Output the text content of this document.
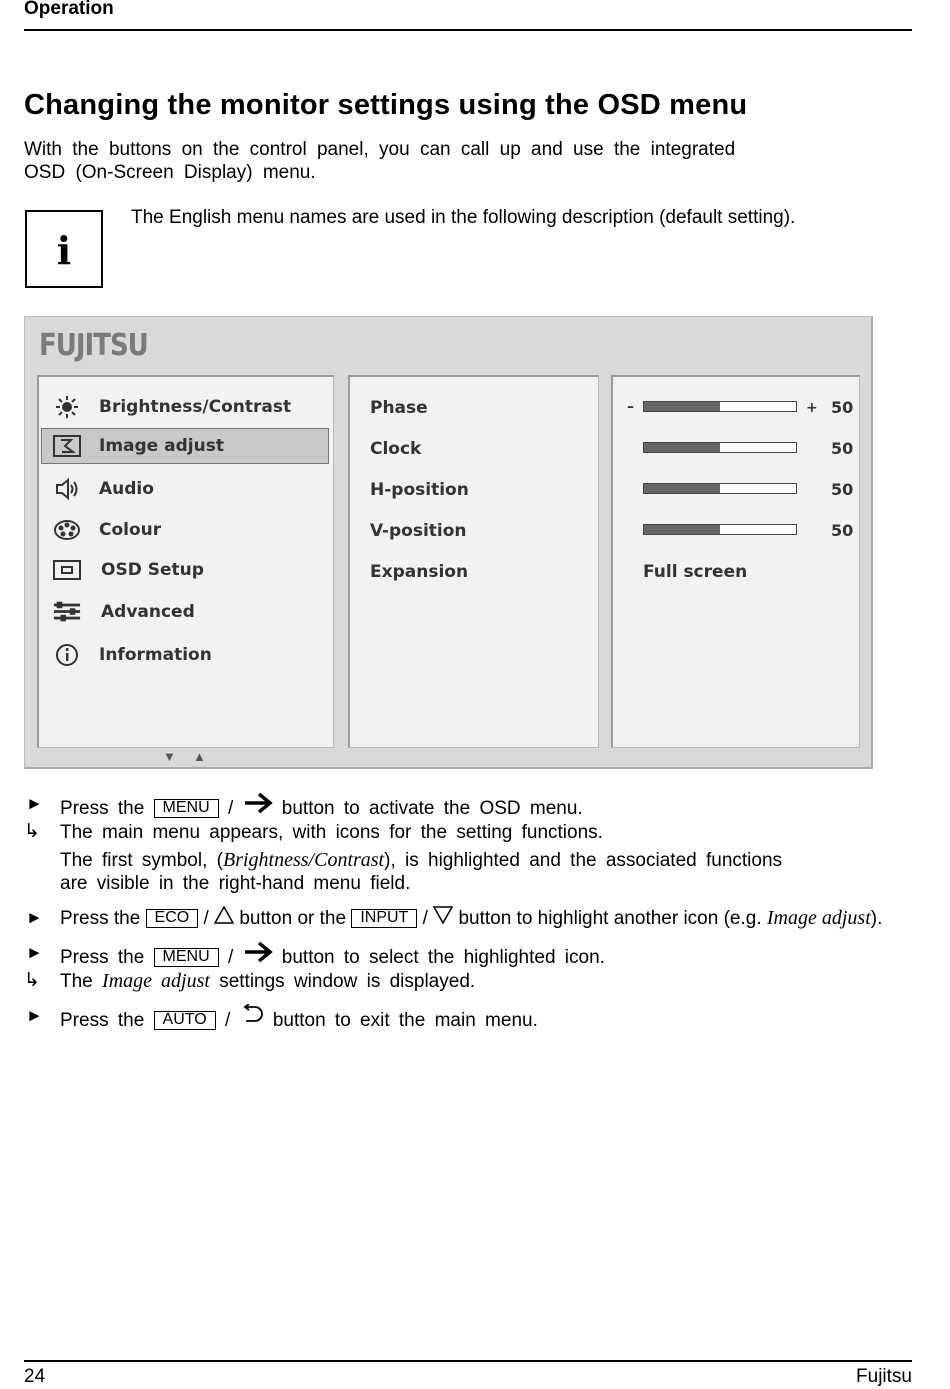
Operation
Changing the monitor settings using the OSD menu
With the buttons on the control panel, you can call up and use the integrated
OSD (On-Screen Display) menu.
i
The English menu names are used in the following description (default setting).
FUJITSU
Brightness/Contrast
Image adjust
Audio
Colour
OSD Setup
Advanced
Information
Phase
Clock
H-position
V-position
Expansion
–	+ 50
50
50
50
Full screen
▼ ▲
► Press the MENU /	button to activate the OSD menu.
↳ The main menu appears, with icons for the setting functions.
The first symbol, (Brightness/Contrast), is highlighted and the associated functions
are visible in the right-hand menu field.
► Press the ECO / button or the INPUT / button to highlight another icon (e.g. Image adjust).
► Press the MENU /	button to select the highlighted icon.
↳ The Image adjust settings window is displayed.
► Press the AUTO / button to exit the main menu.
24	Fujitsu
